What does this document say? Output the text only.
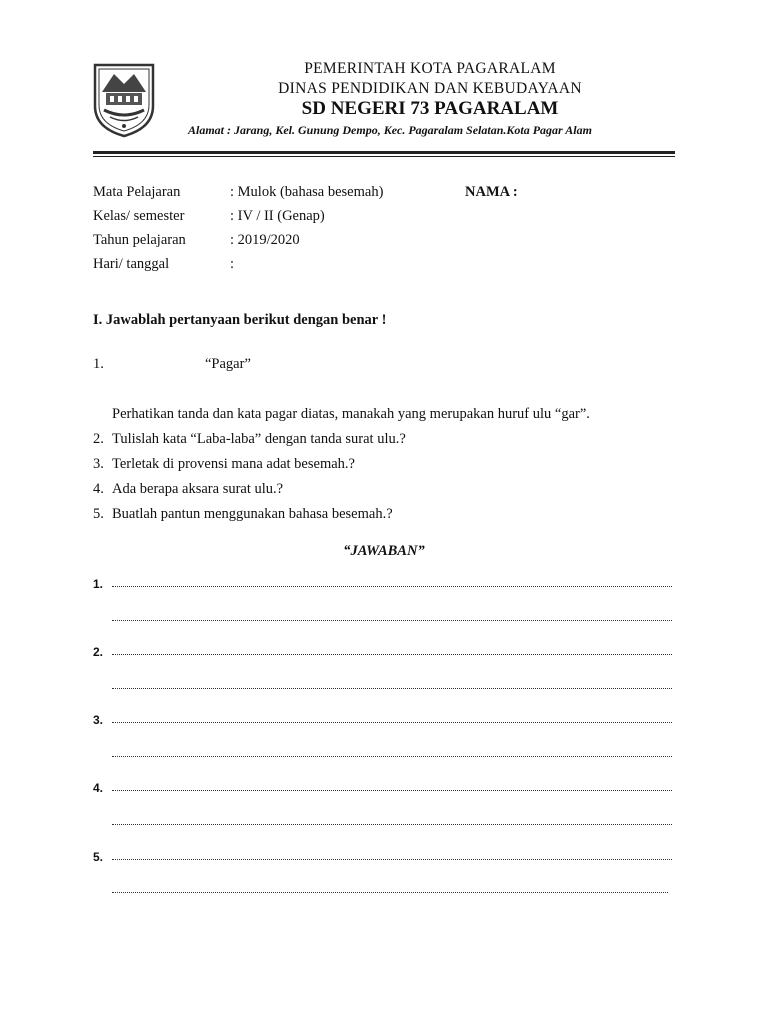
PEMERINTAH KOTA PAGARALAM
DINAS PENDIDIKAN DAN KEBUDAYAAN
SD NEGERI 73 PAGARALAM
Alamat : Jarang, Kel. Gunung Dempo, Kec. Pagaralam Selatan.Kota Pagar Alam
Mata Pelajaran	: Mulok (bahasa besemah)	NAMA :
Kelas/ semester	: IV / II (Genap)
Tahun pelajaran	: 2019/2020
Hari/ tanggal	:
I. Jawablah pertanyaan berikut dengan benar !
1.	“Pagar”
Perhatikan tanda dan kata pagar diatas, manakah yang merupakan huruf ulu “gar”.
2. Tulislah kata “Laba-laba” dengan tanda surat ulu.?
3. Terletak di provensi mana adat besemah.?
4. Ada berapa aksara surat ulu.?
5. Buatlah pantun menggunakan bahasa besemah.?
“JAWABAN”
1.
2.
3.
4.
5.
